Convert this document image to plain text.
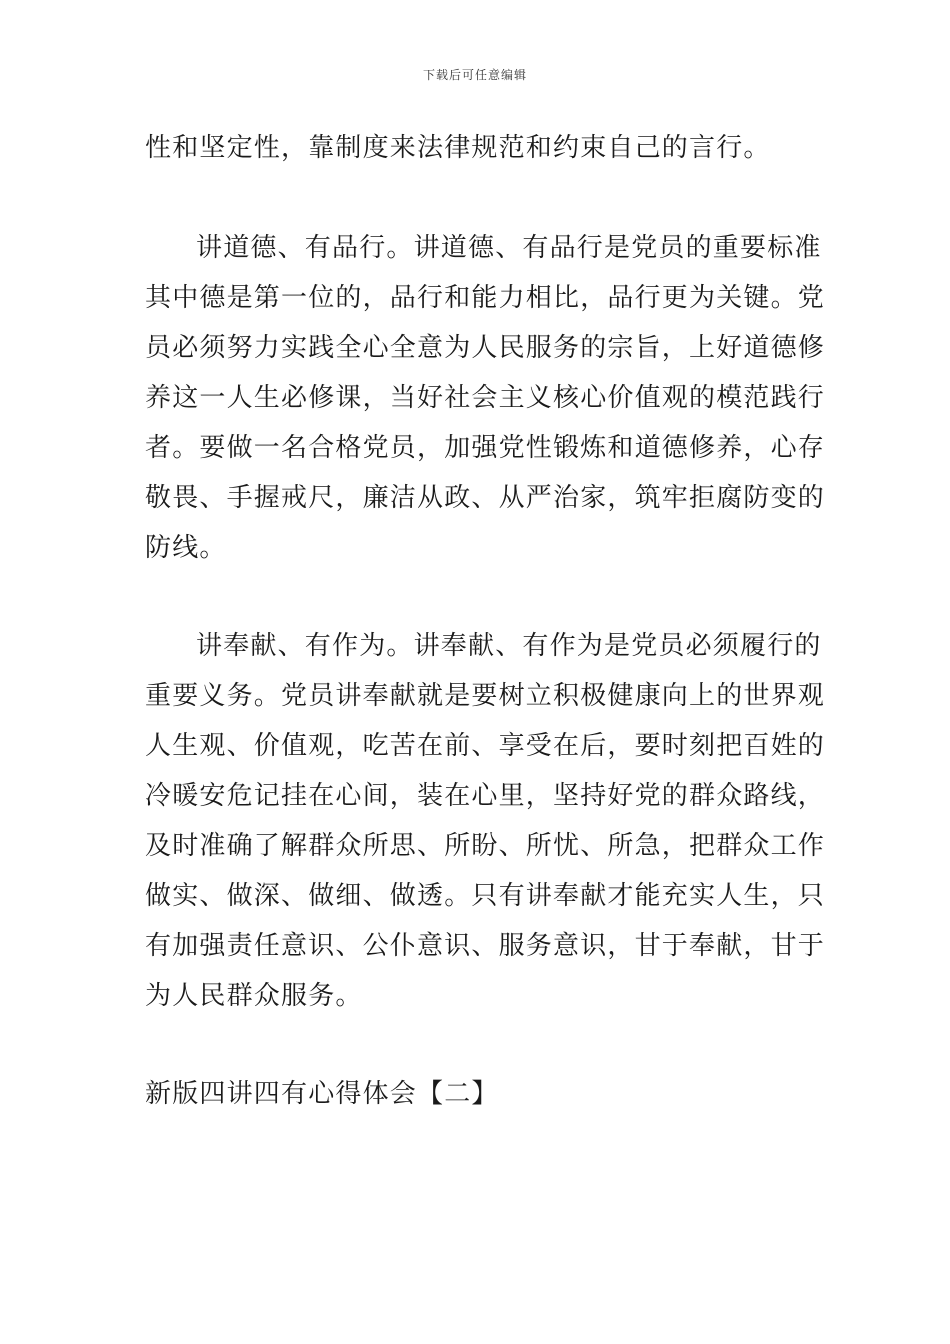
下载后可任意编辑
性和坚定性，靠制度来法律规范和约束自己的言行。
讲道德、有品行。讲道德、有品行是党员的重要标准
其中德是第一位的，品行和能力相比，品行更为关键。党
员必须努力实践全心全意为人民服务的宗旨，上好道德修
养这一人生必修课，当好社会主义核心价值观的模范践行
者。要做一名合格党员，加强党性锻炼和道德修养，心存
敬畏、手握戒尺，廉洁从政、从严治家，筑牢拒腐防变的
防线。
讲奉献、有作为。讲奉献、有作为是党员必须履行的
重要义务。党员讲奉献就是要树立积极健康向上的世界观
人生观、价值观，吃苦在前、享受在后，要时刻把百姓的
冷暖安危记挂在心间，装在心里，坚持好党的群众路线，
及时准确了解群众所思、所盼、所忧、所急，把群众工作
做实、做深、做细、做透。只有讲奉献才能充实人生，只
有加强责任意识、公仆意识、服务意识，甘于奉献，甘于
为人民群众服务。
新版四讲四有心得体会【二】
